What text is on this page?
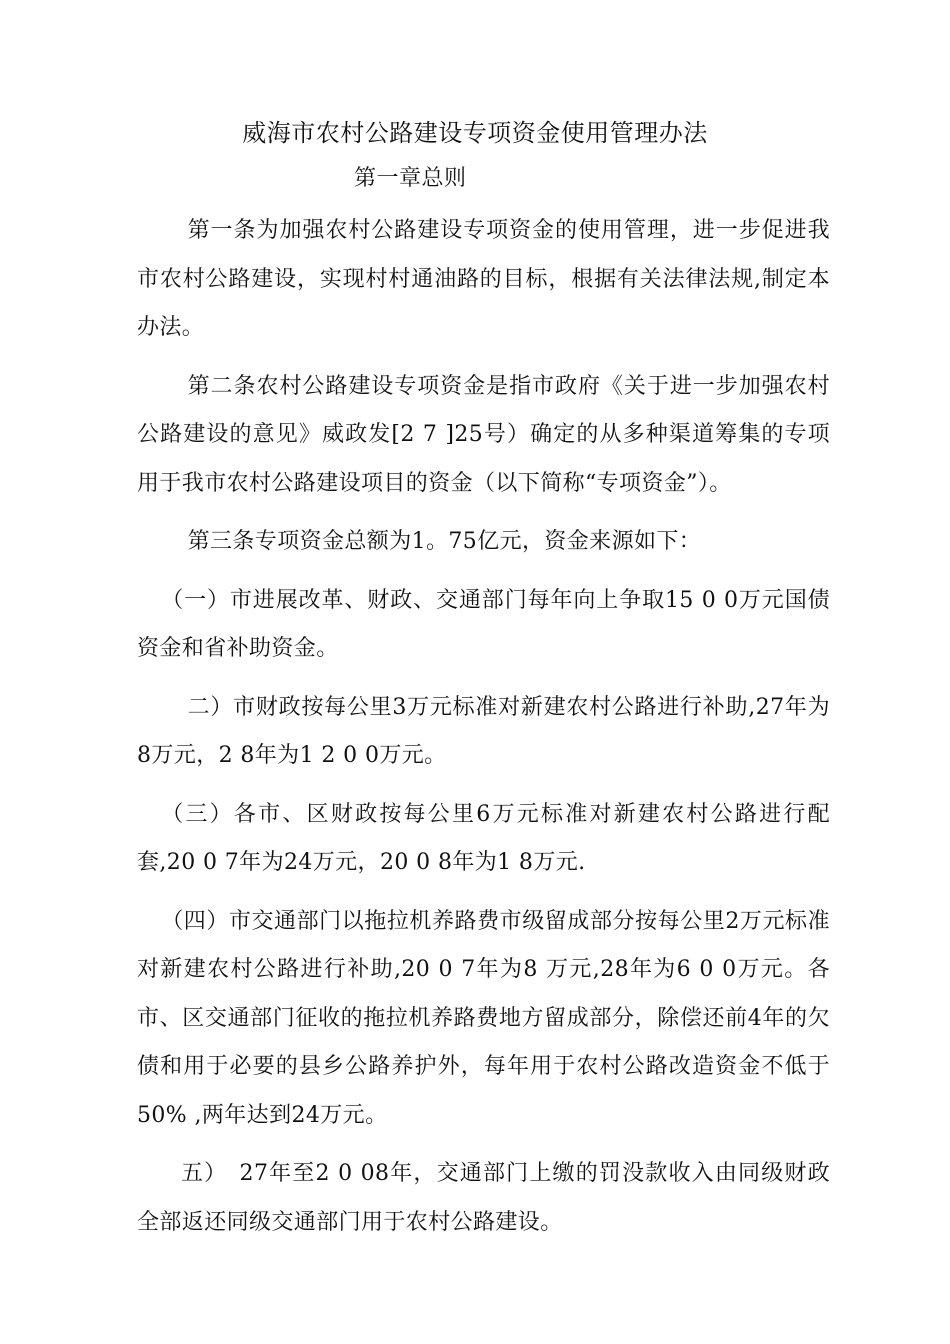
威海市农村公路建设专项资金使用管理办法
第一章总则

第一条为加强农村公路建设专项资金的使用管理，进一步促进我市农村公路建设，实现村村通油路的目标，根据有关法律法规,制定本办法。

第二条农村公路建设专项资金是指市政府《关于进一步加强农村公路建设的意见》威政发[2 7 ]25号）确定的从多种渠道筹集的专项用于我市农村公路建设项目的资金（以下简称“专项资金”）。

第三条专项资金总额为1。75亿元，资金来源如下：

（一）市进展改革、财政、交通部门每年向上争取15 0 0万元国债资金和省补助资金。

二）市财政按每公里3万元标准对新建农村公路进行补助,27年为8万元，2 8年为1 2 0 0万元。

（三）各市、区财政按每公里6万元标准对新建农村公路进行配套,20 0 7年为24万元，20 0 8年为1 8万元.

（四）市交通部门以拖拉机养路费市级留成部分按每公里2万元标准对新建农村公路进行补助,20 0 7年为8 万元,28年为6 0 0万元。各市、区交通部门征收的拖拉机养路费地方留成部分，除偿还前4年的欠债和用于必要的县乡公路养护外，每年用于农村公路改造资金不低于50% ,两年达到24万元。

五）　27年至2 0 08年，交通部门上缴的罚没款收入由同级财政全部返还同级交通部门用于农村公路建设。
